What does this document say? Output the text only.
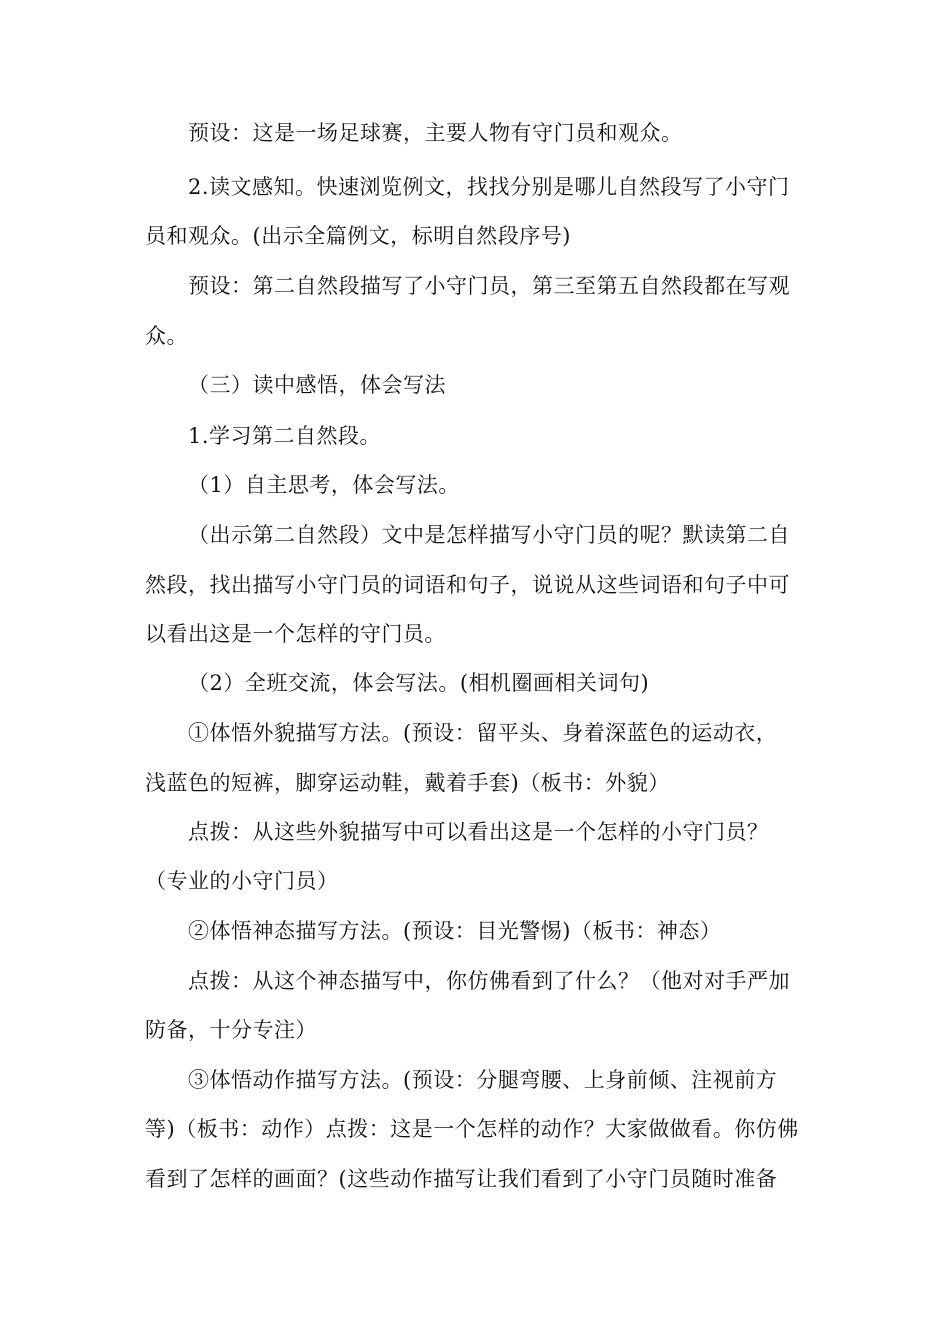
预设：这是一场足球赛，主要人物有守门员和观众。
2.读文感知。快速浏览例文，找找分别是哪儿自然段写了小守门
员和观众。(出示全篇例文，标明自然段序号)
预设：第二自然段描写了小守门员，第三至第五自然段都在写观
众。
（三）读中感悟，体会写法
1.学习第二自然段。
（1）自主思考，体会写法。
（出示第二自然段）文中是怎样描写小守门员的呢？默读第二自
然段，找出描写小守门员的词语和句子，说说从这些词语和句子中可
以看出这是一个怎样的守门员。
（2）全班交流，体会写法。(相机圈画相关词句)
①体悟外貌描写方法。(预设：留平头、身着深蓝色的运动衣，
浅蓝色的短裤，脚穿运动鞋，戴着手套)（板书：外貌）
点拨：从这些外貌描写中可以看出这是一个怎样的小守门员？
（专业的小守门员）
②体悟神态描写方法。(预设：目光警惕)（板书：神态）
点拨：从这个神态描写中，你仿佛看到了什么？（他对对手严加
防备，十分专注）
③体悟动作描写方法。(预设：分腿弯腰、上身前倾、注视前方
等)（板书：动作）点拨：这是一个怎样的动作？大家做做看。你仿佛
看到了怎样的画面？(这些动作描写让我们看到了小守门员随时准备
